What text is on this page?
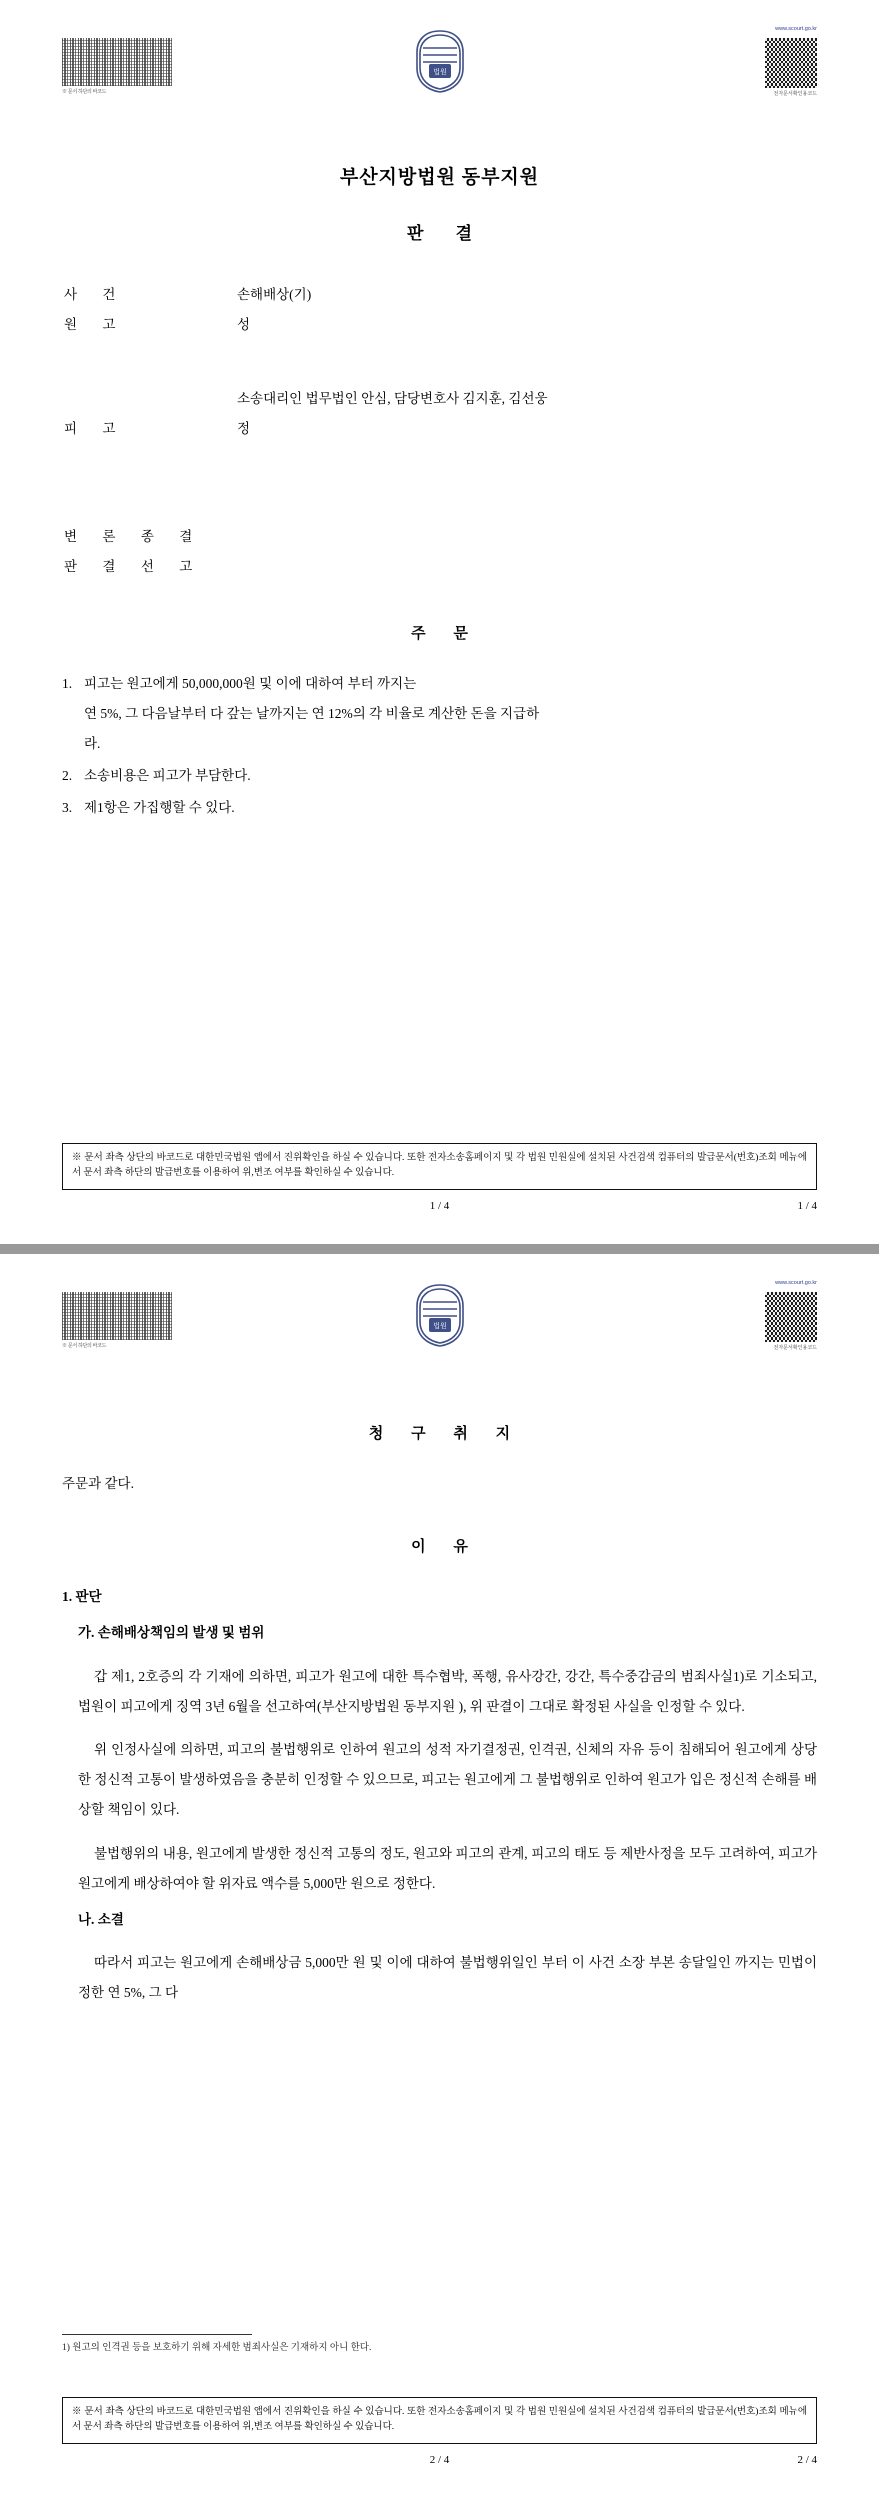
※ 문서 하단의 바코드
법원
www.scourt.go.kr
전자문서확인용코드
부산지방법원 동부지원
판 결
사 건	손해배상(기)
원 고	성
소송대리인 법무법인 안심, 담당변호사 김지훈, 김선웅
피 고	정
변 론 종 결
판 결 선 고
주 문
1. 피고는 원고에게 50,000,000원 및 이에 대하여 부터 까지는
연 5%, 그 다음날부터 다 갚는 날까지는 연 12%의 각 비율로 계산한 돈을 지급하
라.
2. 소송비용은 피고가 부담한다.
3. 제1항은 가집행할 수 있다.
※ 문서 좌측 상단의 바코드로 대한민국법원 앱에서 진위확인을 하실 수 있습니다. 또한 전자소송홈페이지 및 각 법원 민원실에 설치된 사건검색 컴퓨터의 발급문서(번호)조회 메뉴에서 문서 좌측 하단의 발급번호를 이용하여 위,변조 여부를 확인하실 수 있습니다.
1 / 4	1 / 4
※ 문서 하단의 바코드
법원
www.scourt.go.kr
전자문서확인용코드
청 구 취 지
주문과 같다.
이 유
1. 판단
가. 손해배상책임의 발생 및 범위

갑 제1, 2호증의 각 기재에 의하면, 피고가 원고에 대한 특수협박, 폭행, 유사강간, 강간, 특수중감금의 범죄사실1)로 기소되고, 법원이 피고에게 징역 3년 6월을 선고하여(부산지방법원 동부지원 ), 위 판결이 그대로 확정된 사실을 인정할 수 있다.

위 인정사실에 의하면, 피고의 불법행위로 인하여 원고의 성적 자기결정권, 인격권, 신체의 자유 등이 침해되어 원고에게 상당한 정신적 고통이 발생하였음을 충분히 인정할 수 있으므로, 피고는 원고에게 그 불법행위로 인하여 원고가 입은 정신적 손해를 배상할 책임이 있다.

불법행위의 내용, 원고에게 발생한 정신적 고통의 정도, 원고와 피고의 관계, 피고의 태도 등 제반사정을 모두 고려하여, 피고가 원고에게 배상하여야 할 위자료 액수를 5,000만 원으로 정한다.

나. 소결

따라서 피고는 원고에게 손해배상금 5,000만 원 및 이에 대하여 불법행위일인 부터 이 사건 소장 부본 송달일인 까지는 민법이 정한 연 5%, 그 다

1) 원고의 인격권 등을 보호하기 위해 자세한 범죄사실은 기재하지 아니 한다.
※ 문서 좌측 상단의 바코드로 대한민국법원 앱에서 진위확인을 하실 수 있습니다. 또한 전자소송홈페이지 및 각 법원 민원실에 설치된 사건검색 컴퓨터의 발급문서(번호)조회 메뉴에서 문서 좌측 하단의 발급번호를 이용하여 위,변조 여부를 확인하실 수 있습니다.
2 / 4	2 / 4
